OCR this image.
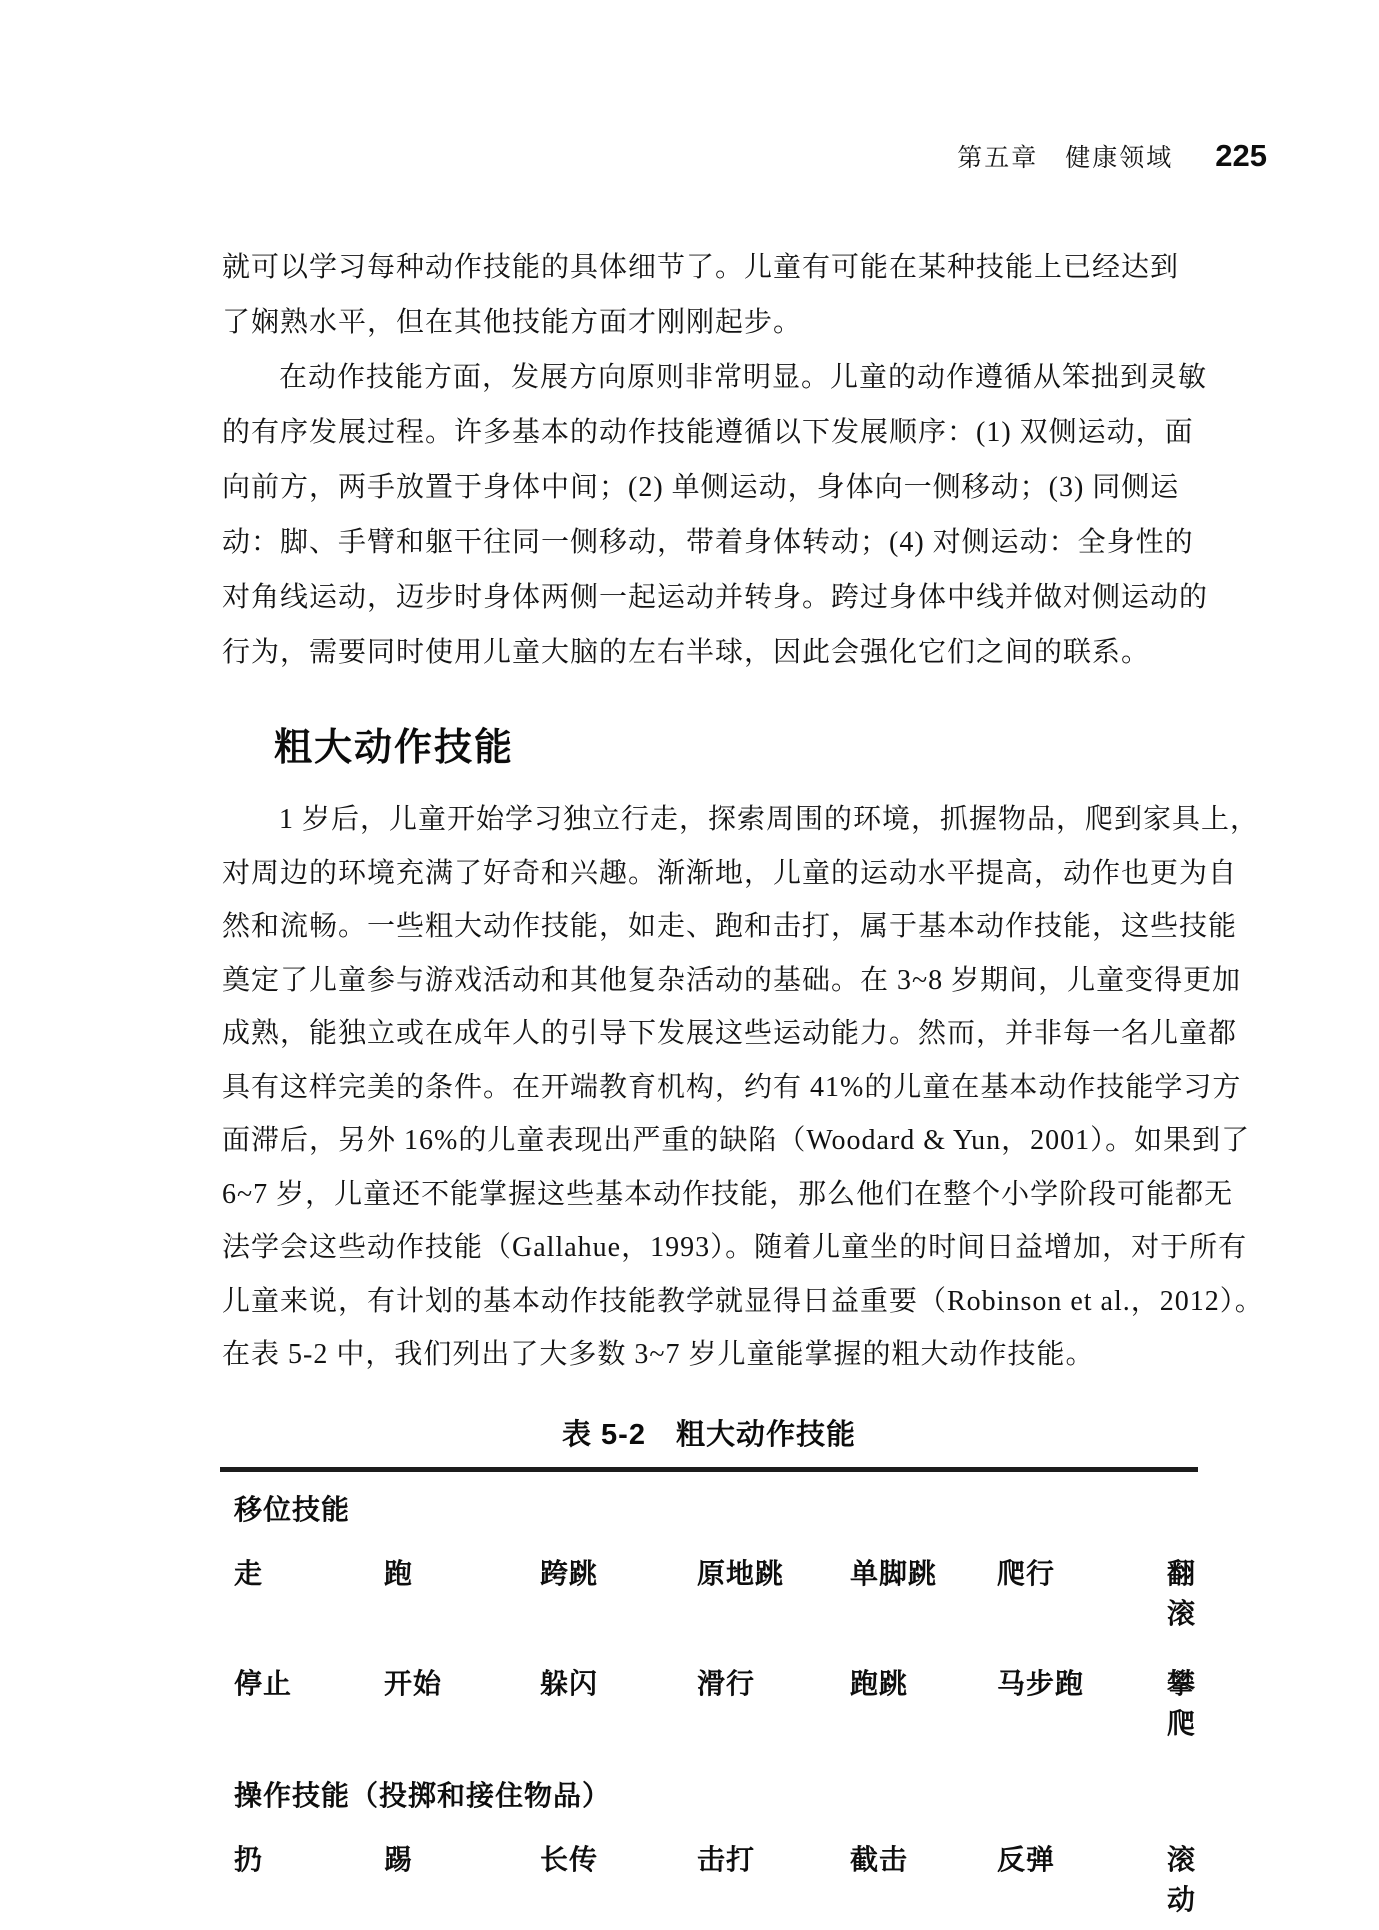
第五章　健康领域 225
就可以学习每种动作技能的具体细节了。儿童有可能在某种技能上已经达到
了娴熟水平，但在其他技能方面才刚刚起步。
在动作技能方面，发展方向原则非常明显。儿童的动作遵循从笨拙到灵敏
的有序发展过程。许多基本的动作技能遵循以下发展顺序：(1) 双侧运动，面
向前方，两手放置于身体中间；(2) 单侧运动，身体向一侧移动；(3) 同侧运
动：脚、手臂和躯干往同一侧移动，带着身体转动；(4) 对侧运动：全身性的
对角线运动，迈步时身体两侧一起运动并转身。跨过身体中线并做对侧运动的
行为，需要同时使用儿童大脑的左右半球，因此会强化它们之间的联系。
粗大动作技能
1 岁后，儿童开始学习独立行走，探索周围的环境，抓握物品，爬到家具上，
对周边的环境充满了好奇和兴趣。渐渐地，儿童的运动水平提高，动作也更为自
然和流畅。一些粗大动作技能，如走、跑和击打，属于基本动作技能，这些技能
奠定了儿童参与游戏活动和其他复杂活动的基础。在 3~8 岁期间，儿童变得更加
成熟，能独立或在成年人的引导下发展这些运动能力。然而，并非每一名儿童都
具有这样完美的条件。在开端教育机构，约有 41%的儿童在基本动作技能学习方
面滞后，另外 16%的儿童表现出严重的缺陷（Woodard & Yun，2001）。如果到了
6~7 岁，儿童还不能掌握这些基本动作技能，那么他们在整个小学阶段可能都无
法学会这些动作技能（Gallahue，1993）。随着儿童坐的时间日益增加，对于所有
儿童来说，有计划的基本动作技能教学就显得日益重要（Robinson et al.，2012）。
在表 5-2 中，我们列出了大多数 3~7 岁儿童能掌握的粗大动作技能。
表 5-2　粗大动作技能
移位技能
走	跑	跨跳	原地跳	单脚跳	爬行	翻滚
停止	开始	躲闪	滑行	跑跳	马步跑	攀爬
操作技能（投掷和接住物品）
扔	踢	长传	击打	截击	反弹	滚动
